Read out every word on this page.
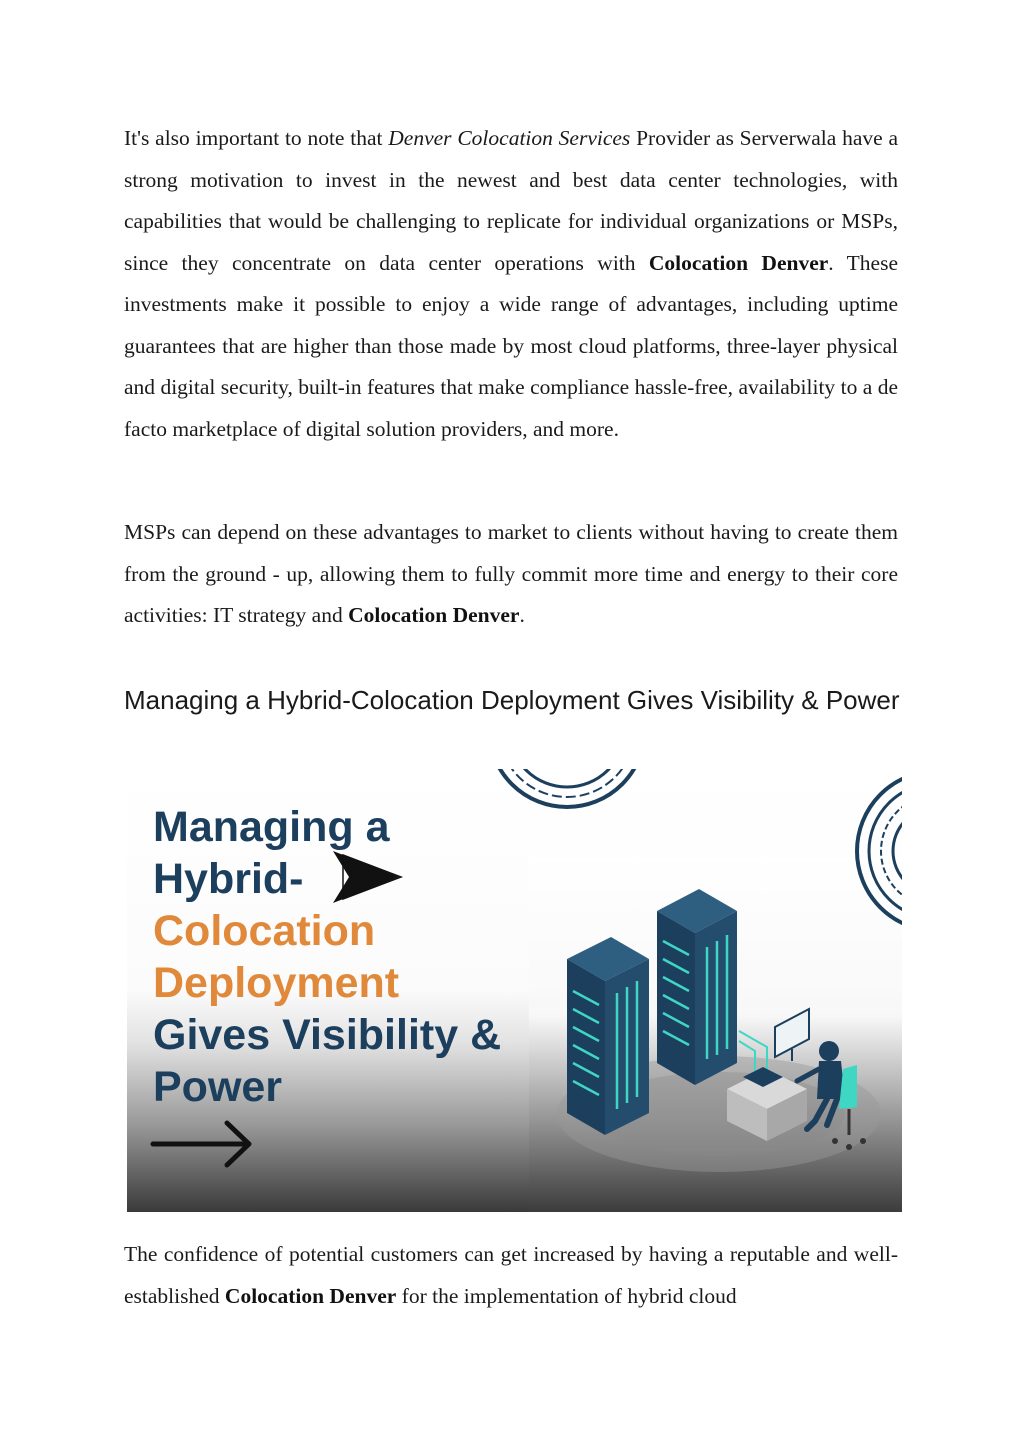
It's also important to note that Denver Colocation Services Provider as Serverwala have a strong motivation to invest in the newest and best data center technologies, with capabilities that would be challenging to replicate for individual organizations or MSPs, since they concentrate on data center operations with Colocation Denver. These investments make it possible to enjoy a wide range of advantages, including uptime guarantees that are higher than those made by most cloud platforms, three-layer physical and digital security, built-in features that make compliance hassle-free, availability to a de facto marketplace of digital solution providers, and more.

MSPs can depend on these advantages to market to clients without having to create them from the ground - up, allowing them to fully commit more time and energy to their core activities: IT strategy and Colocation Denver.

Managing a Hybrid-Colocation Deployment Gives Visibility & Power
Managing a
Hybrid-
Colocation
Deployment
Gives Visibility &
Power

The confidence of potential customers can get increased by having a reputable and well-established Colocation Denver for the implementation of hybrid cloud
